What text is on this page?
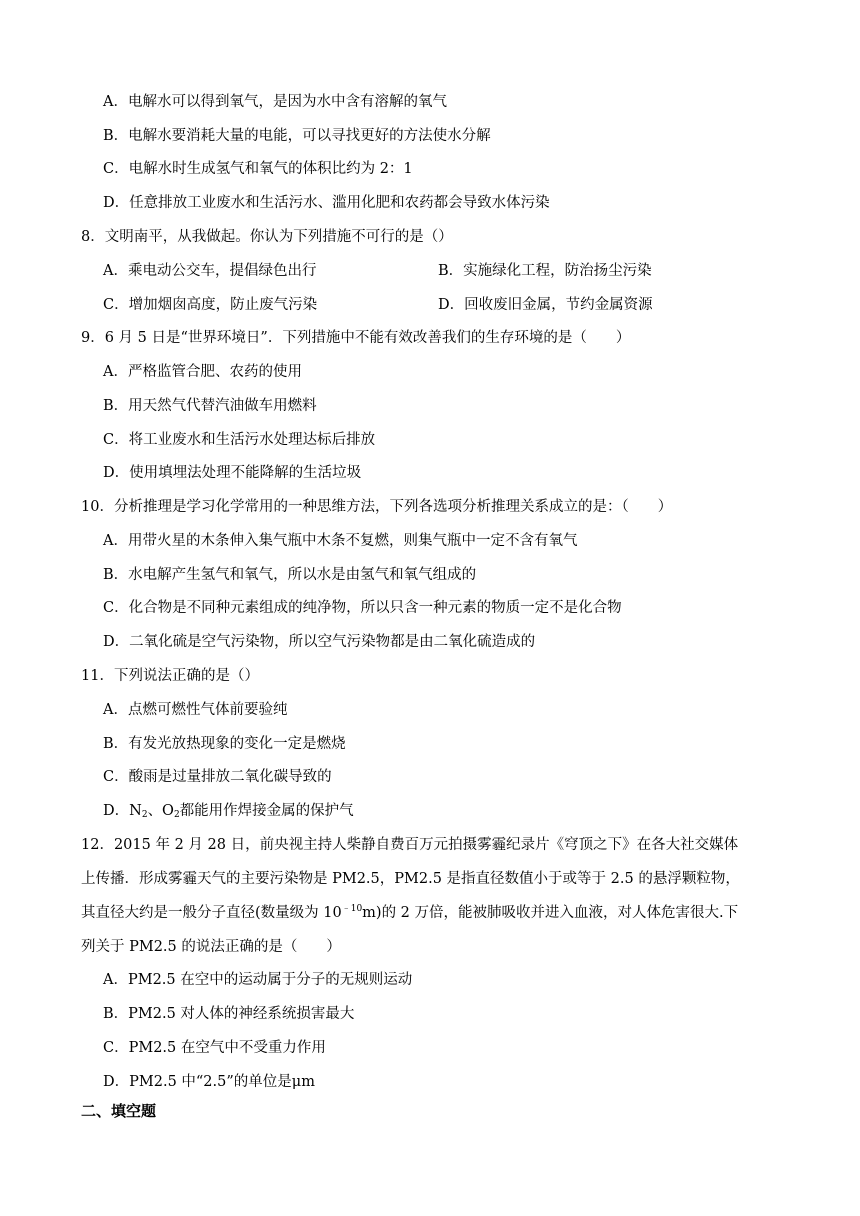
A．电解水可以得到氧气，是因为水中含有溶解的氧气
B．电解水要消耗大量的电能，可以寻找更好的方法使水分解
C．电解水时生成氢气和氧气的体积比约为 2：1
D．任意排放工业废水和生活污水、滥用化肥和农药都会导致水体污染
8．文明南平，从我做起。你认为下列措施不可行的是（）
A．乘电动公交车，提倡绿色出行	B．实施绿化工程，防治扬尘污染
C．增加烟囱高度，防止废气污染	D．回收废旧金属，节约金属资源
9．6 月 5 日是“世界环境日”．下列措施中不能有效改善我们的生存环境的是（　　）
A．严格监管合肥、农药的使用
B．用天然气代替汽油做车用燃料
C．将工业废水和生活污水处理达标后排放
D．使用填埋法处理不能降解的生活垃圾
10．分析推理是学习化学常用的一种思维方法，下列各选项分析推理关系成立的是：（　　）
A．用带火星的木条伸入集气瓶中木条不复燃，则集气瓶中一定不含有氧气
B．水电解产生氢气和氧气，所以水是由氢气和氧气组成的
C．化合物是不同种元素组成的纯净物，所以只含一种元素的物质一定不是化合物
D．二氧化硫是空气污染物，所以空气污染物都是由二氧化硫造成的
11．下列说法正确的是（）
A．点燃可燃性气体前要验纯
B．有发光放热现象的变化一定是燃烧
C．酸雨是过量排放二氧化碳导致的
D．$N_2$、$O_2$都能用作焊接金属的保护气
12．2015 年 2 月 28 日，前央视主持人柴静自费百万元拍摄雾霾纪录片《穹顶之下》在各大社交媒体
上传播．形成雾霾天气的主要污染物是 PM2.5，PM2.5 是指直径数值小于或等于 2.5 的悬浮颗粒物，
其直径大约是一般分子直径(数量级为 $10^{﹣10}m$)的 2 万倍，能被肺吸收并进入血液，对人体危害很大.下
列关于 PM2.5 的说法正确的是（　　）
A．PM2.5 在空中的运动属于分子的无规则运动
B．PM2.5 对人体的神经系统损害最大
C．PM2.5 在空气中不受重力作用
D．PM2.5 中“2.5”的单位是μm
二、填空题
